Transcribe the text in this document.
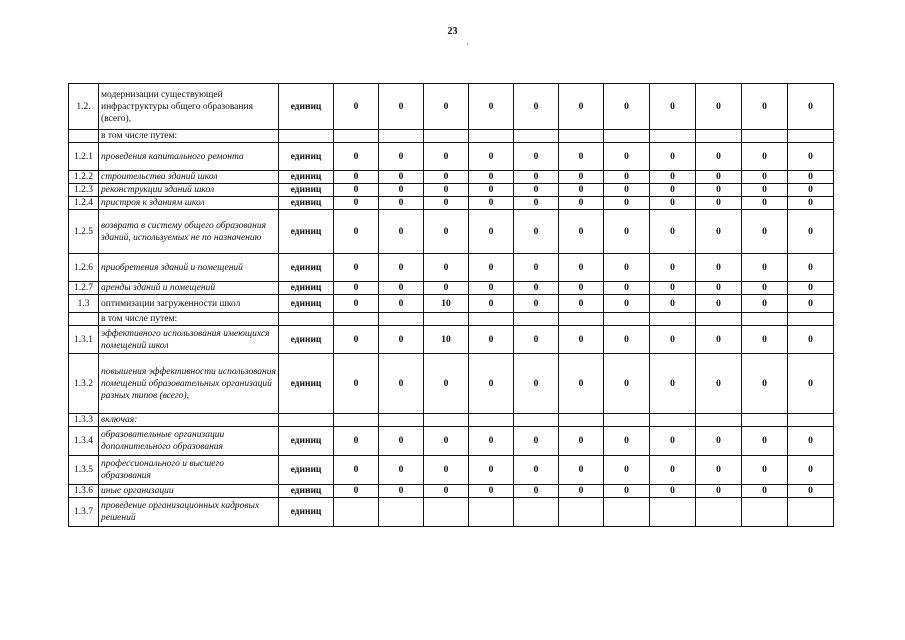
23
·
1.2.	модернизации существующей инфраструктуры общего образования (всего),	единиц	0	0	0	0	0	0	0	0	0	0	0
	в том числе путем:												
1.2.1	проведения капитального ремонта	единиц	0	0	0	0	0	0	0	0	0	0	0
1.2.2	строительства зданий школ	единиц	0	0	0	0	0	0	0	0	0	0	0
1.2.3	реконструкции зданий школ	единиц	0	0	0	0	0	0	0	0	0	0	0
1.2.4	пристроя к зданиям школ	единиц	0	0	0	0	0	0	0	0	0	0	0
1.2.5	возврата в систему общего образования зданий, используемых не по назначению	единиц	0	0	0	0	0	0	0	0	0	0	0
1.2.6	приобретения зданий и помещений	единиц	0	0	0	0	0	0	0	0	0	0	0
1.2.7	аренды зданий и помещений	единиц	0	0	0	0	0	0	0	0	0	0	0
1.3	оптимизации загруженности школ	единиц	0	0	10	0	0	0	0	0	0	0	0
	в том числе путем:												
1.3.1	эффективного использования имеющихся помещений школ	единиц	0	0	10	0	0	0	0	0	0	0	0
1.3.2	повышения эффективности использования помещений образовательных организаций разных типов (всего),	единиц	0	0	0	0	0	0	0	0	0	0	0
1.3.3	включая:												
1.3.4	образовательные организации дополнительного образования	единиц	0	0	0	0	0	0	0	0	0	0	0
1.3.5	профессионального и высшего образования	единиц	0	0	0	0	0	0	0	0	0	0	0
1.3.6	иные организации	единиц	0	0	0	0	0	0	0	0	0	0	0
1.3.7	проведение организационных кадровых решений	единиц											
